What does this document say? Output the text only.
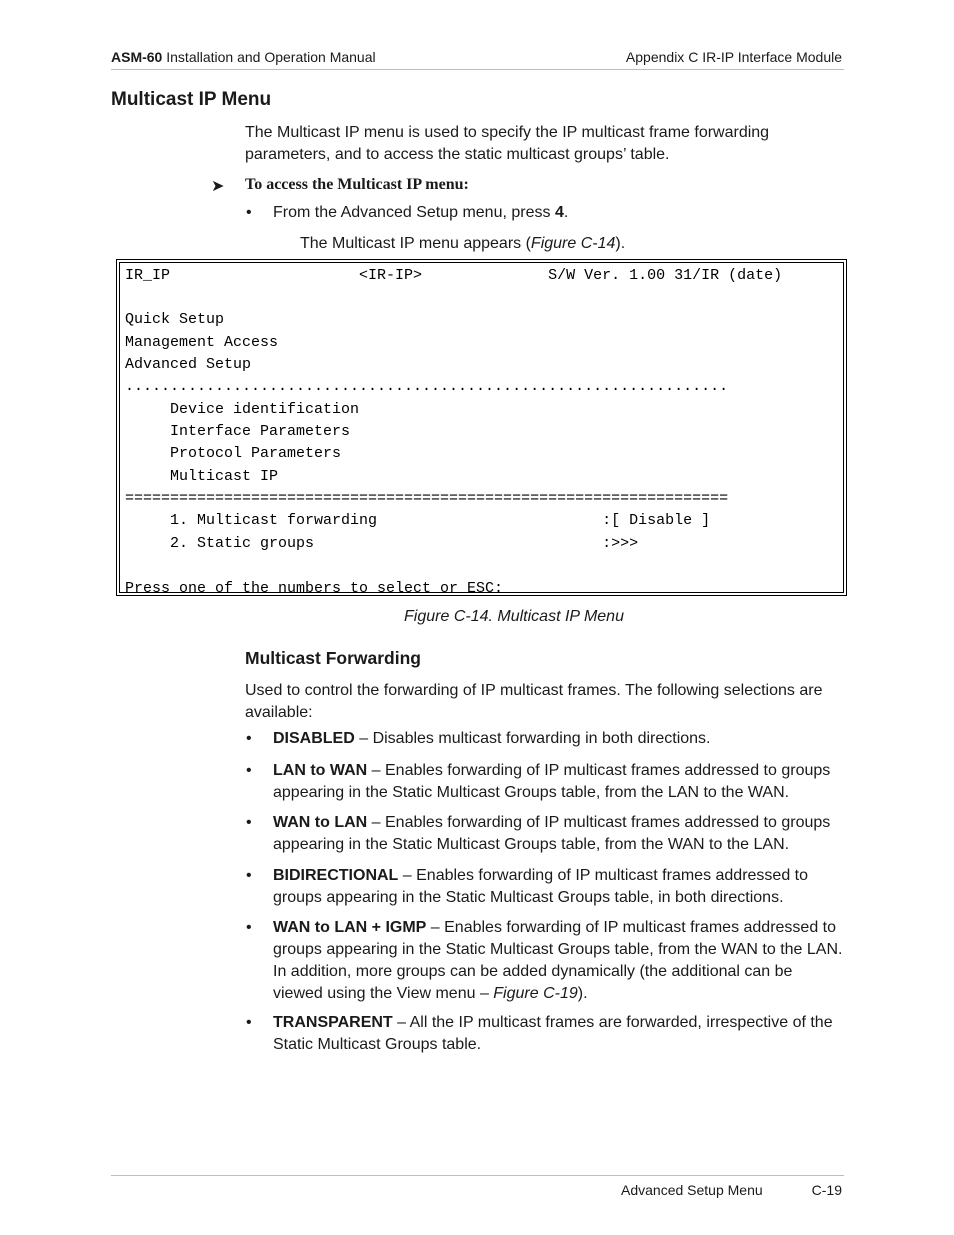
ASM-60 Installation and Operation Manual	Appendix C IR-IP Interface Module
Multicast IP Menu
The Multicast IP menu is used to specify the IP multicast frame forwarding parameters, and to access the static multicast groups’ table.
➤ To access the Multicast IP menu:
• From the Advanced Setup menu, press 4.
The Multicast IP menu appears (Figure C-14).
IR_IP                     <IR-IP>              S/W Ver. 1.00 31/IR (date)
Quick Setup
Management Access
Advanced Setup
...................................................................
Device identification
Interface Parameters
Protocol Parameters
Multicast IP
===================================================================
1. Multicast forwarding                         :[ Disable ]
2. Static groups                                :>>>
Press one of the numbers to select or ESC:
Figure C-14. Multicast IP Menu
Multicast Forwarding
Used to control the forwarding of IP multicast frames. The following selections are available:
• DISABLED – Disables multicast forwarding in both directions.
• LAN to WAN – Enables forwarding of IP multicast frames addressed to groups appearing in the Static Multicast Groups table, from the LAN to the WAN.
• WAN to LAN – Enables forwarding of IP multicast frames addressed to groups appearing in the Static Multicast Groups table, from the WAN to the LAN.
• BIDIRECTIONAL – Enables forwarding of IP multicast frames addressed to groups appearing in the Static Multicast Groups table, in both directions.
• WAN to LAN + IGMP – Enables forwarding of IP multicast frames addressed to groups appearing in the Static Multicast Groups table, from the WAN to the LAN. In addition, more groups can be added dynamically (the additional can be viewed using the View menu – Figure C-19).
• TRANSPARENT – All the IP multicast frames are forwarded, irrespective of the Static Multicast Groups table.
Advanced Setup Menu	C-19
